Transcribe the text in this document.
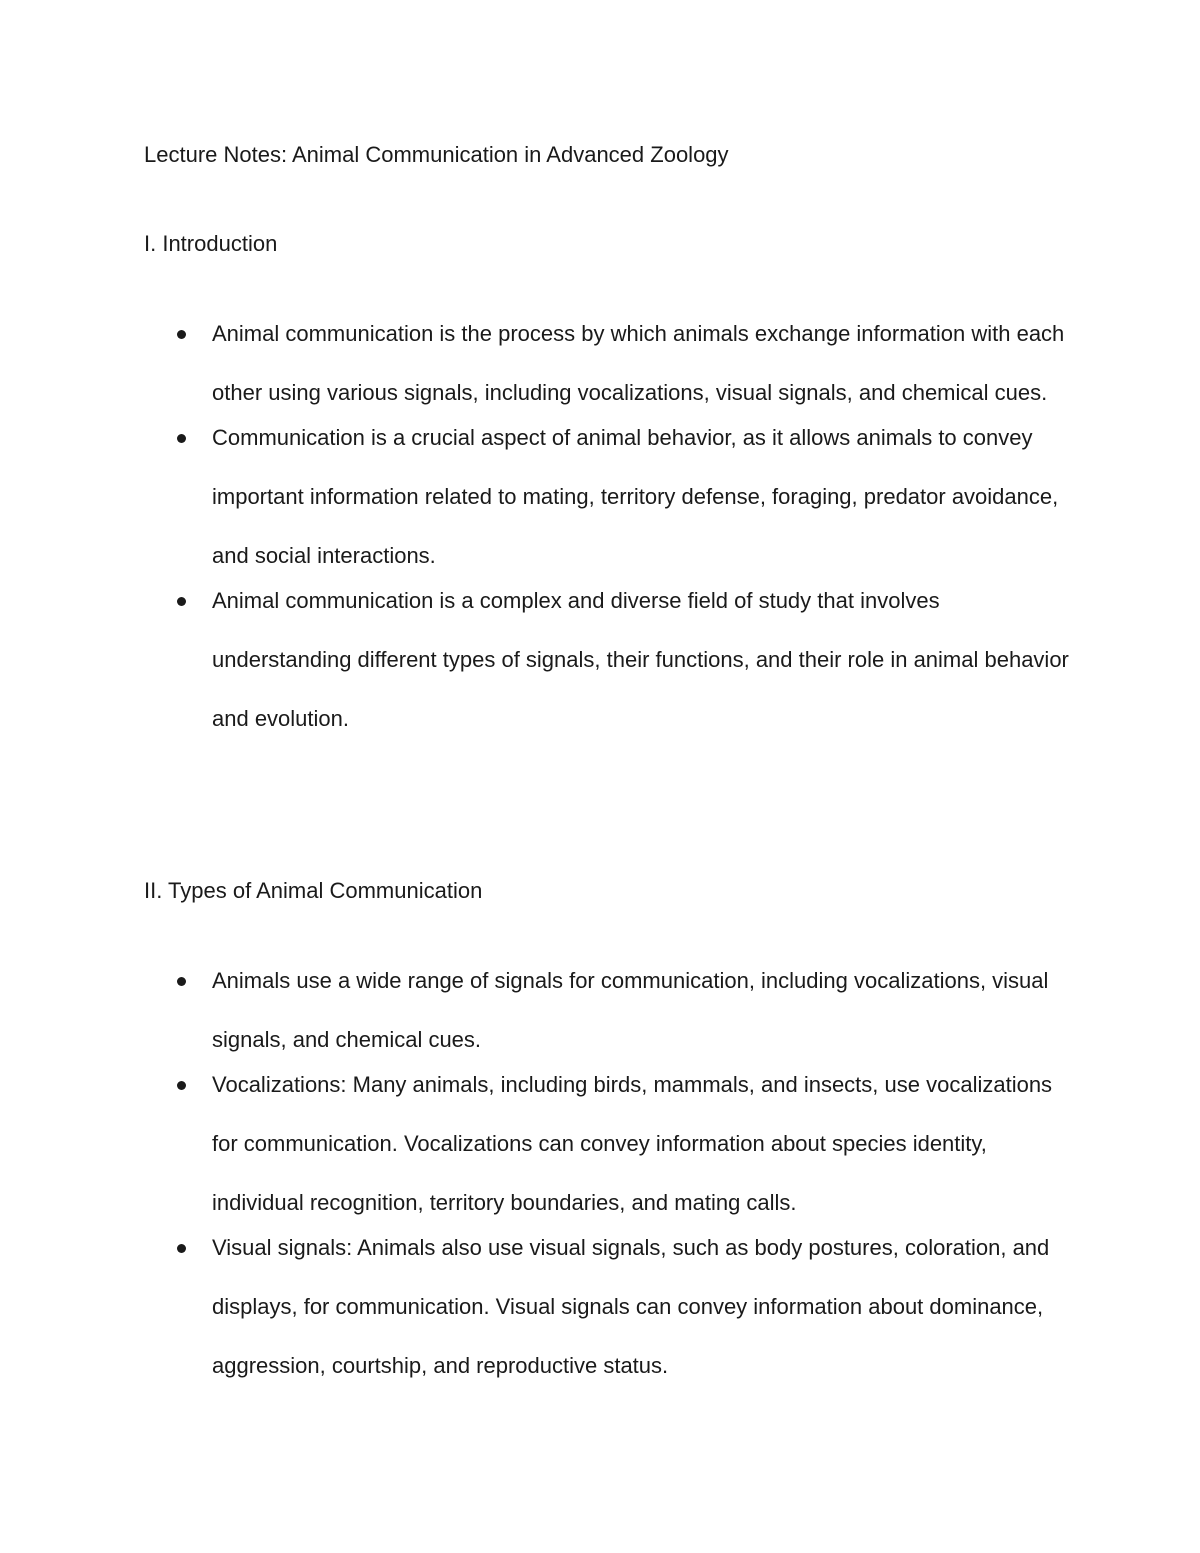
Lecture Notes: Animal Communication in Advanced Zoology
I. Introduction
Animal communication is the process by which animals exchange information with each other using various signals, including vocalizations, visual signals, and chemical cues.
Communication is a crucial aspect of animal behavior, as it allows animals to convey important information related to mating, territory defense, foraging, predator avoidance, and social interactions.
Animal communication is a complex and diverse field of study that involves understanding different types of signals, their functions, and their role in animal behavior and evolution.
II. Types of Animal Communication
Animals use a wide range of signals for communication, including vocalizations, visual signals, and chemical cues.
Vocalizations: Many animals, including birds, mammals, and insects, use vocalizations for communication. Vocalizations can convey information about species identity, individual recognition, territory boundaries, and mating calls.
Visual signals: Animals also use visual signals, such as body postures, coloration, and displays, for communication. Visual signals can convey information about dominance, aggression, courtship, and reproductive status.
